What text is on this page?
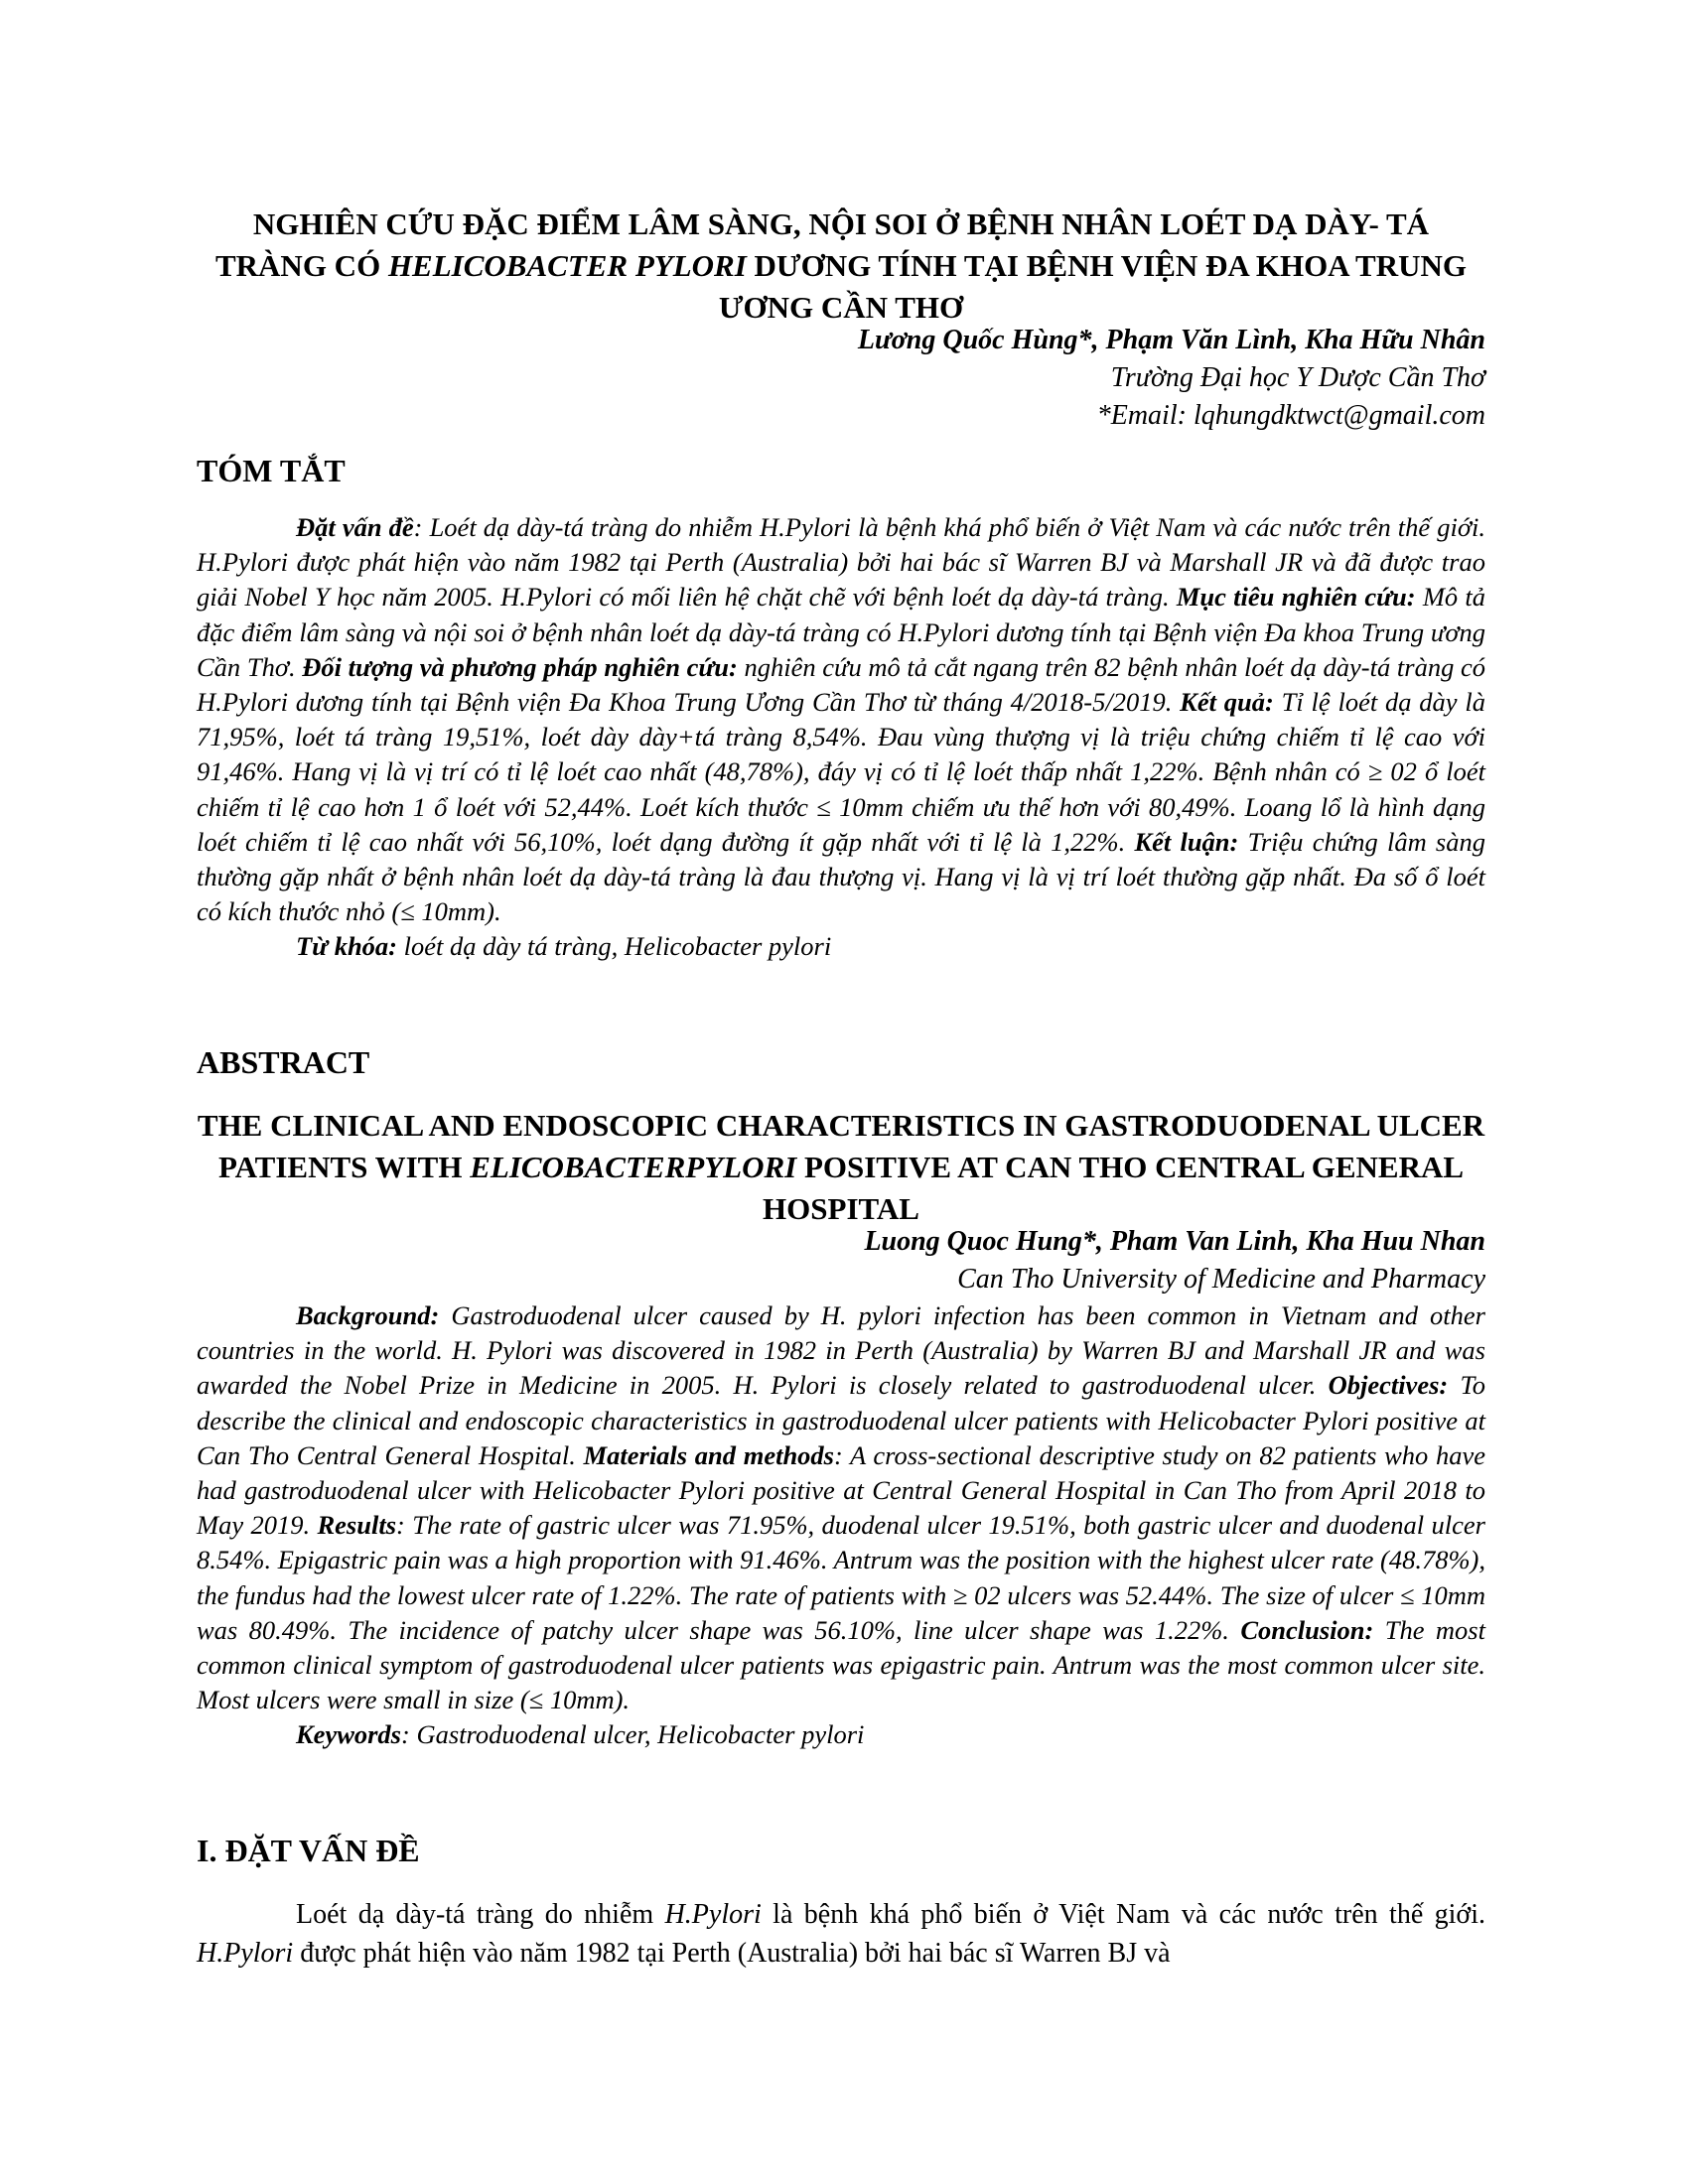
NGHIÊN CỨU ĐẶC ĐIỂM LÂM SÀNG, NỘI SOI Ở BỆNH NHÂN LOÉT DẠ DÀY- TÁ TRÀNG CÓ HELICOBACTER PYLORI DƯƠNG TÍNH TẠI BỆNH VIỆN ĐA KHOA TRUNG ƯƠNG CẦN THƠ
Lương Quốc Hùng*, Phạm Văn Lình, Kha Hữu Nhân
Trường Đại học Y Dược Cần Thơ
*Email: lqhungdktwct@gmail.com
TÓM TẮT

Đặt vấn đề: Loét dạ dày-tá tràng do nhiễm H.Pylori là bệnh khá phổ biến ở Việt Nam và các nước trên thế giới. H.Pylori được phát hiện vào năm 1982 tại Perth (Australia) bởi hai bác sĩ Warren BJ và Marshall JR và đã được trao giải Nobel Y học năm 2005. H.Pylori có mối liên hệ chặt chẽ với bệnh loét dạ dày-tá tràng. Mục tiêu nghiên cứu: Mô tả đặc điểm lâm sàng và nội soi ở bệnh nhân loét dạ dày-tá tràng có H.Pylori dương tính tại Bệnh viện Đa khoa Trung ương Cần Thơ. Đối tượng và phương pháp nghiên cứu: nghiên cứu mô tả cắt ngang trên 82 bệnh nhân loét dạ dày-tá tràng có H.Pylori dương tính tại Bệnh viện Đa Khoa Trung Ương Cần Thơ từ tháng 4/2018-5/2019. Kết quả: Tỉ lệ loét dạ dày là 71,95%, loét tá tràng 19,51%, loét dày dày+tá tràng 8,54%. Đau vùng thượng vị là triệu chứng chiếm tỉ lệ cao với 91,46%. Hang vị là vị trí có tỉ lệ loét cao nhất (48,78%), đáy vị có tỉ lệ loét thấp nhất 1,22%. Bệnh nhân có ≥ 02 ổ loét chiếm tỉ lệ cao hơn 1 ổ loét với 52,44%. Loét kích thước ≤ 10mm chiếm ưu thế hơn với 80,49%. Loang lổ là hình dạng loét chiếm tỉ lệ cao nhất với 56,10%, loét dạng đường ít gặp nhất với tỉ lệ là 1,22%. Kết luận: Triệu chứng lâm sàng thường gặp nhất ở bệnh nhân loét dạ dày-tá tràng là đau thượng vị. Hang vị là vị trí loét thường gặp nhất. Đa số ổ loét có kích thước nhỏ (≤ 10mm).

Từ khóa: loét dạ dày tá tràng, Helicobacter pylori
ABSTRACT
THE CLINICAL AND ENDOSCOPIC CHARACTERISTICS IN GASTRODUODENAL ULCER PATIENTS WITH ELICOBACTERPYLORI POSITIVE AT CAN THO CENTRAL GENERAL HOSPITAL
Luong Quoc Hung*, Pham Van Linh, Kha Huu Nhan
Can Tho University of Medicine and Pharmacy

Background: Gastroduodenal ulcer caused by H. pylori infection has been common in Vietnam and other countries in the world. H. Pylori was discovered in 1982 in Perth (Australia) by Warren BJ and Marshall JR and was awarded the Nobel Prize in Medicine in 2005. H. Pylori is closely related to gastroduodenal ulcer. Objectives: To describe the clinical and endoscopic characteristics in gastroduodenal ulcer patients with Helicobacter Pylori positive at Can Tho Central General Hospital. Materials and methods: A cross-sectional descriptive study on 82 patients who have had gastroduodenal ulcer with Helicobacter Pylori positive at Central General Hospital in Can Tho from April 2018 to May 2019. Results: The rate of gastric ulcer was 71.95%, duodenal ulcer 19.51%, both gastric ulcer and duodenal ulcer 8.54%. Epigastric pain was a high proportion with 91.46%. Antrum was the position with the highest ulcer rate (48.78%), the fundus had the lowest ulcer rate of 1.22%. The rate of patients with ≥ 02 ulcers was 52.44%. The size of ulcer ≤ 10mm was 80.49%. The incidence of patchy ulcer shape was 56.10%, line ulcer shape was 1.22%. Conclusion: The most common clinical symptom of gastroduodenal ulcer patients was epigastric pain. Antrum was the most common ulcer site. Most ulcers were small in size (≤ 10mm).

Keywords: Gastroduodenal ulcer, Helicobacter pylori
I. ĐẶT VẤN ĐỀ

Loét dạ dày-tá tràng do nhiễm H.Pylori là bệnh khá phổ biến ở Việt Nam và các nước trên thế giới. H.Pylori được phát hiện vào năm 1982 tại Perth (Australia) bởi hai bác sĩ Warren BJ và
